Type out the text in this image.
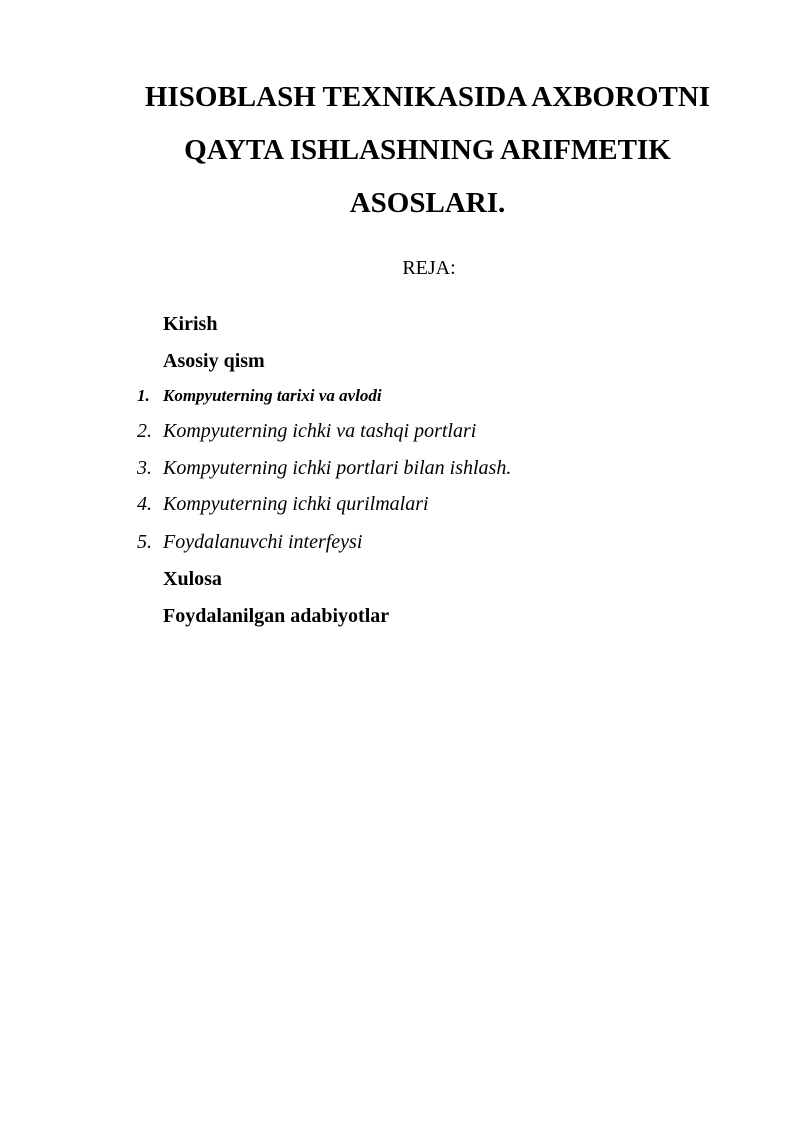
HISOBLASH TEXNIKASIDA AXBOROTNI
QAYTA ISHLASHNING ARIFMETIK
ASOSLARI.
REJA:
Kirish
Asosiy qism
1. Kompyuterning tarixi va avlodi
2. Kompyuterning ichki va tashqi portlari
3. Kompyuterning ichki portlari bilan ishlash.
4. Kompyuterning ichki qurilmalari
5. Foydalanuvchi interfeysi
Xulosa
Foydalanilgan adabiyotlar
